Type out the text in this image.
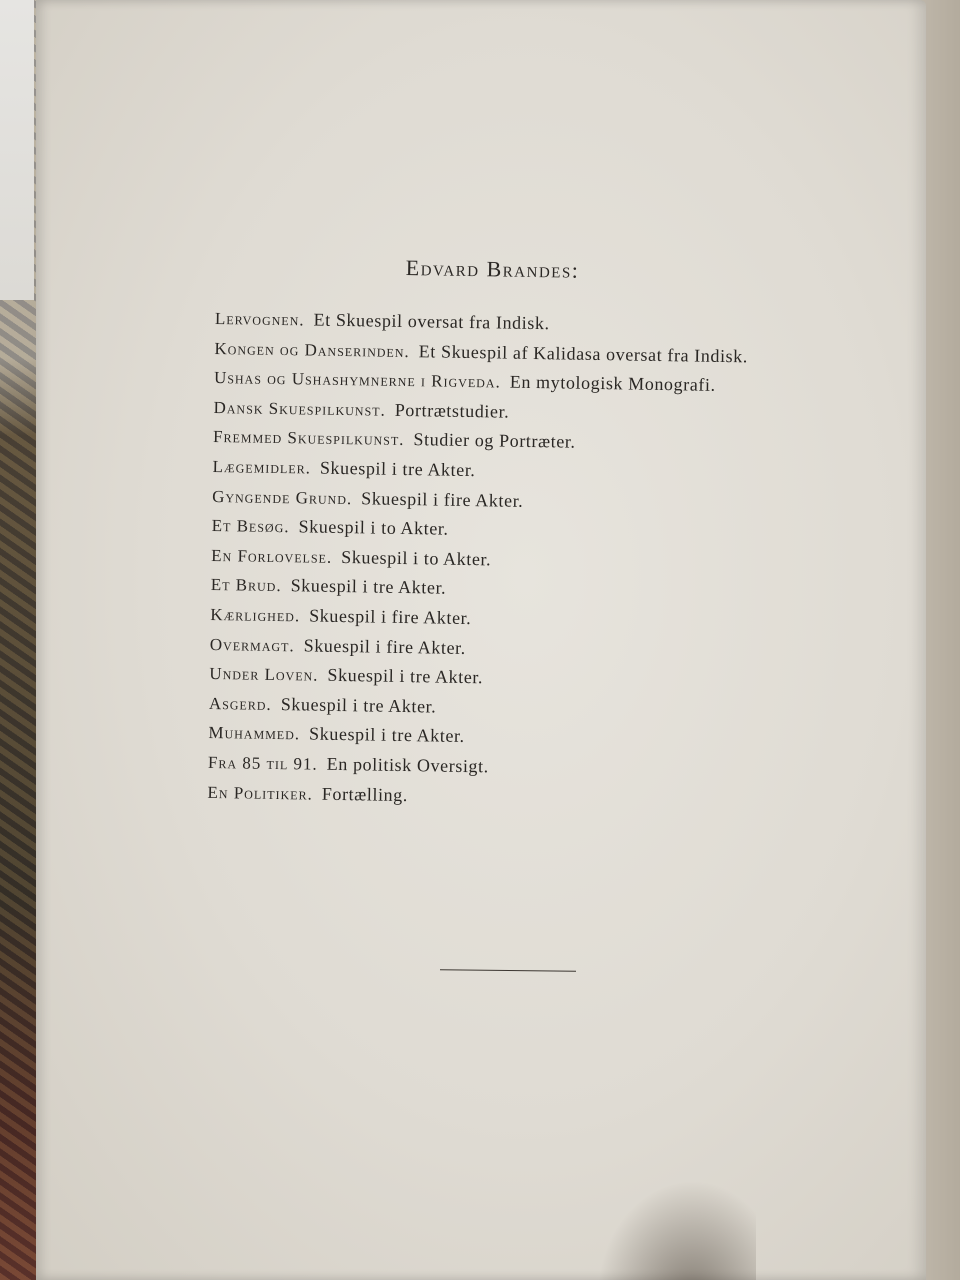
Edvard Brandes:
Lervognen. Et Skuespil oversat fra Indisk.
Kongen og Danserinden. Et Skuespil af Kalidasa oversat fra Indisk.
Ushas og Ushashymnerne i Rigveda. En mytologisk Monografi.
Dansk Skuespilkunst. Portrætstudier.
Fremmed Skuespilkunst. Studier og Portræter.
Lægemidler. Skuespil i tre Akter.
Gyngende Grund. Skuespil i fire Akter.
Et Besøg. Skuespil i to Akter.
En Forlovelse. Skuespil i to Akter.
Et Brud. Skuespil i tre Akter.
Kærlighed. Skuespil i fire Akter.
Overmagt. Skuespil i fire Akter.
Under Loven. Skuespil i tre Akter.
Asgerd. Skuespil i tre Akter.
Muhammed. Skuespil i tre Akter.
Fra 85 til 91. En politisk Oversigt.
En Politiker. Fortælling.
